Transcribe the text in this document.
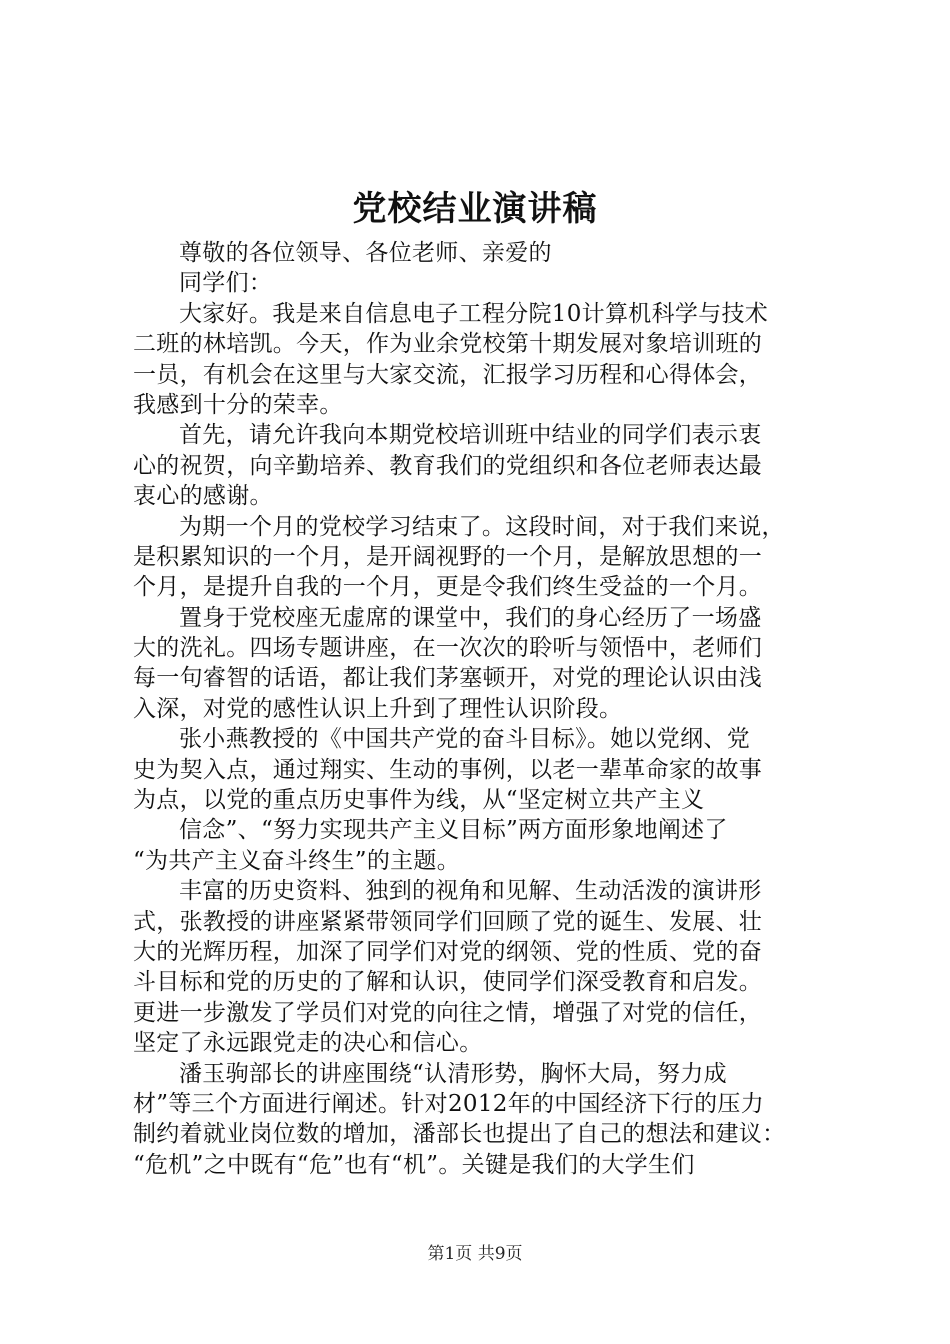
党校结业演讲稿
尊敬的各位领导、各位老师、亲爱的
同学们：
大家好。我是来自信息电子工程分院10计算机科学与技术
二班的林培凯。今天，作为业余党校第十期发展对象培训班的
一员，有机会在这里与大家交流，汇报学习历程和心得体会，
我感到十分的荣幸。
首先，请允许我向本期党校培训班中结业的同学们表示衷
心的祝贺，向辛勤培养、教育我们的党组织和各位老师表达最
衷心的感谢。
为期一个月的党校学习结束了。这段时间，对于我们来说，
是积累知识的一个月，是开阔视野的一个月，是解放思想的一
个月，是提升自我的一个月，更是令我们终生受益的一个月。
置身于党校座无虚席的课堂中，我们的身心经历了一场盛
大的洗礼。四场专题讲座，在一次次的聆听与领悟中，老师们
每一句睿智的话语，都让我们茅塞顿开，对党的理论认识由浅
入深，对党的感性认识上升到了理性认识阶段。
张小燕教授的《中国共产党的奋斗目标》。她以党纲、党
史为契入点，通过翔实、生动的事例，以老一辈革命家的故事
为点，以党的重点历史事件为线，从“坚定树立共产主义
信念”、“努力实现共产主义目标”两方面形象地阐述了
“为共产主义奋斗终生”的主题。
丰富的历史资料、独到的视角和见解、生动活泼的演讲形
式，张教授的讲座紧紧带领同学们回顾了党的诞生、发展、壮
大的光辉历程，加深了同学们对党的纲领、党的性质、党的奋
斗目标和党的历史的了解和认识，使同学们深受教育和启发。
更进一步激发了学员们对党的向往之情，增强了对党的信任，
坚定了永远跟党走的决心和信心。
潘玉驹部长的讲座围绕“认清形势，胸怀大局，努力成
材”等三个方面进行阐述。针对2012年的中国经济下行的压力
制约着就业岗位数的增加，潘部长也提出了自己的想法和建议：
“危机”之中既有“危”也有“机”。关键是我们的大学生们
第1页 共9页
